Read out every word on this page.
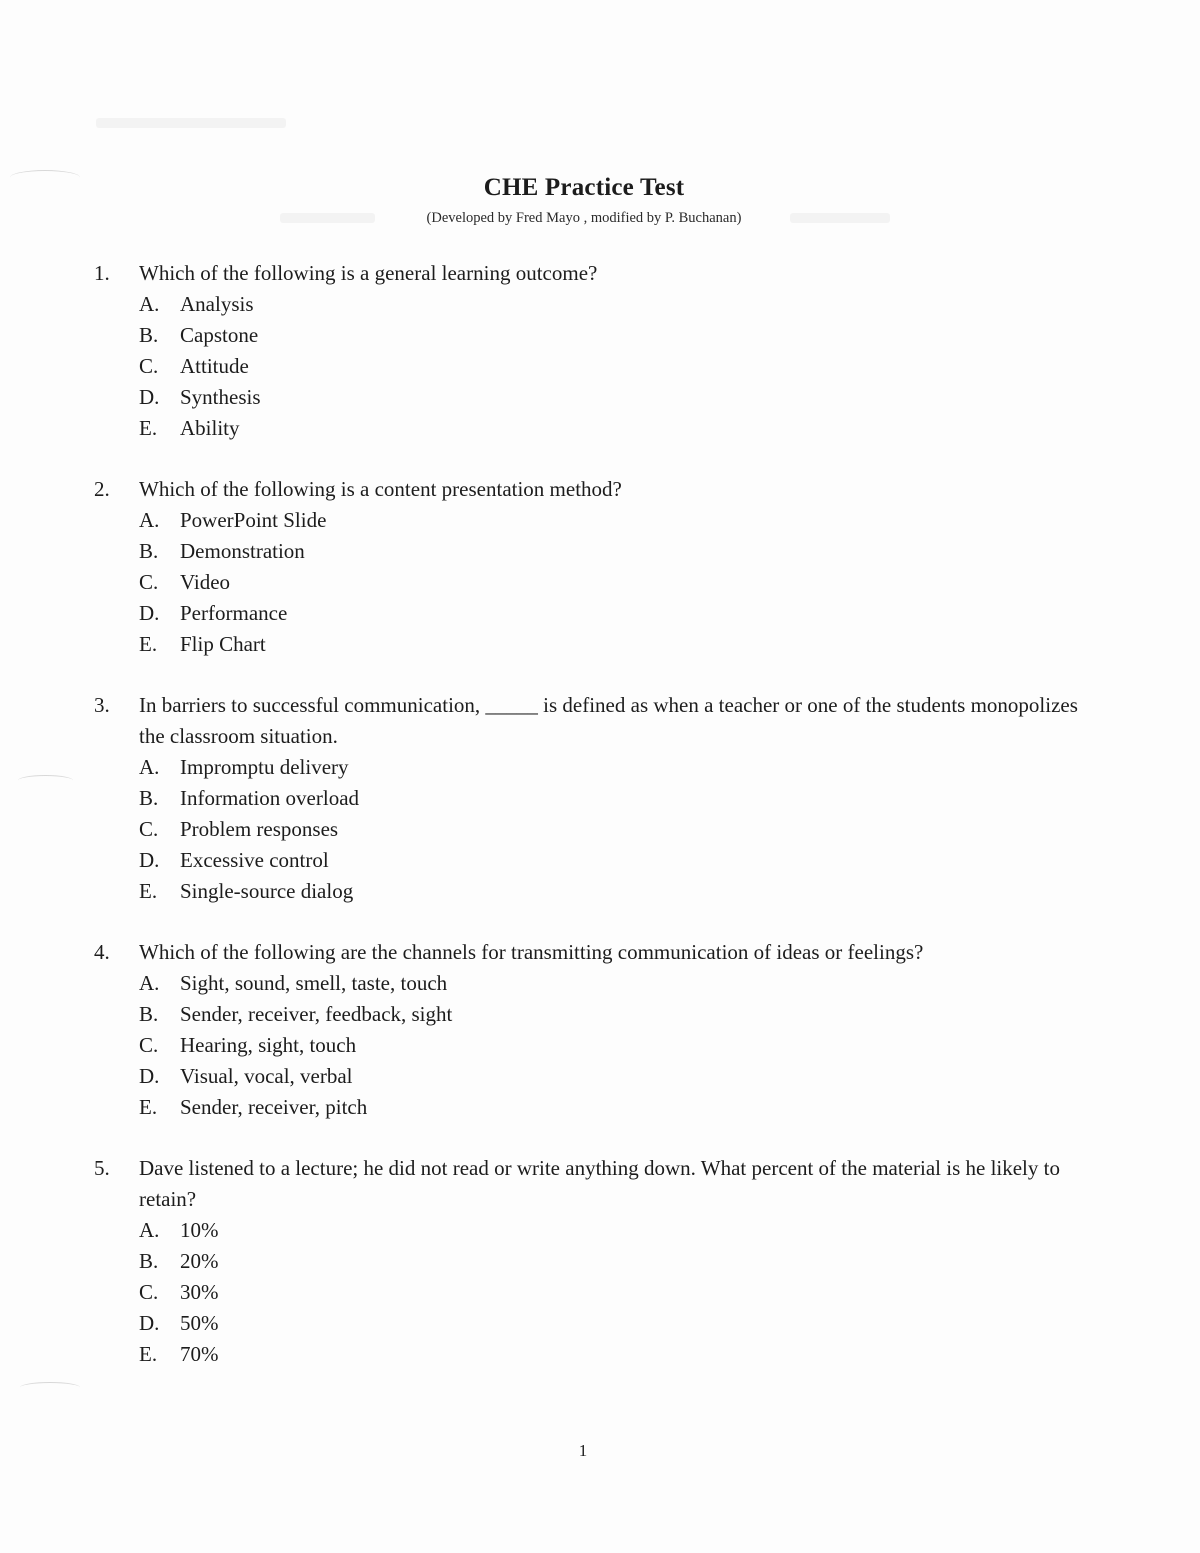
CHE Practice Test
(Developed by Fred Mayo , modified by P. Buchanan)
1.	Which of the following is a general learning outcome?
A. Analysis
B.	Capstone
C.	Attitude
D. Synthesis
E.	Ability
2.	Which of the following is a content presentation method?
A. PowerPoint Slide
B.	Demonstration
C.	Video
D. Performance
E.	Flip Chart
3.	In barriers to successful communication, _____ is defined as when a teacher or one of the students monopolizes the classroom situation.
A. Impromptu delivery
B.	Information overload
C.	Problem responses
D. Excessive control
E.	Single-source dialog
4.	Which of the following are the channels for transmitting communication of ideas or feelings?
A. Sight, sound, smell, taste, touch
B.	Sender, receiver, feedback, sight
C.	Hearing, sight, touch
D. Visual, vocal, verbal
E.	Sender, receiver, pitch
5.	Dave listened to a lecture; he did not read or write anything down. What percent of the material is he likely to retain?
A. 10%
B.	20%
C.	30%
D. 50%
E.	70%
1
